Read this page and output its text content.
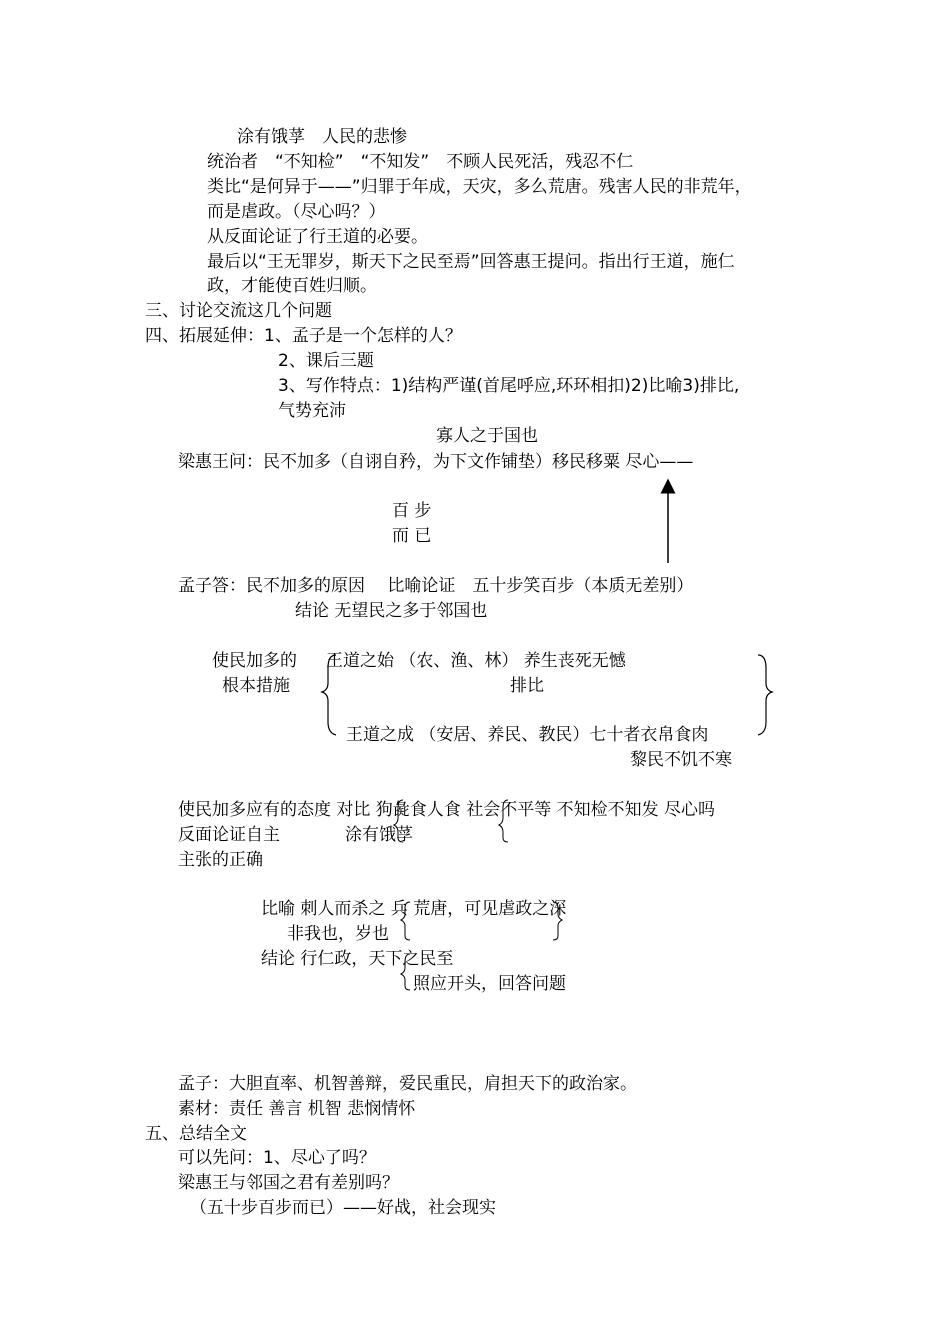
涂有饿莩　人民的悲惨
统治者　“不知检”　“不知发”　不顾人民死活，残忍不仁
类比“是何异于——”归罪于年成，天灾，多么荒唐。残害人民的非荒年，
而是虐政。（尽心吗？）
从反面论证了行王道的必要。
最后以“王无罪岁，斯天下之民至焉”回答惠王提问。指出行王道，施仁
政，才能使百姓归顺。
三、讨论交流这几个问题
四、拓展延伸：1、孟子是一个怎样的人？
2、课后三题
3、写作特点：1)结构严谨(首尾呼应,环环相扣)2)比喻3)排比,
气势充沛
寡人之于国也
梁惠王问：民不加多（自诩自矜，为下文作铺垫）移民移粟 尽心——
百 步
而 已
孟子答：民不加多的原因　 比喻论证　五十步笑百步（本质无差别）
结论 无望民之多于邻国也
使民加多的
根本措施
王道之始 （农、渔、林） 养生丧死无憾
排比
王道之成 （安居、养民、教民）七十者衣帛食肉
黎民不饥不寒
使民加多应有的态度 对比 狗彘食人食 社会不平等 不知检不知发 尽心吗
反面论证自主	涂有饿莩
主张的正确
比喻 刺人而杀之 兵 荒唐，可见虐政之深
非我也，岁也
结论 行仁政，天下之民至
照应开头，回答问题
孟子：大胆直率、机智善辩，爱民重民，肩担天下的政治家。
素材：责任 善言 机智 悲悯情怀
五、总结全文
可以先问：1、尽心了吗？
梁惠王与邻国之君有差别吗？
（五十步百步而已）——好战，社会现实
